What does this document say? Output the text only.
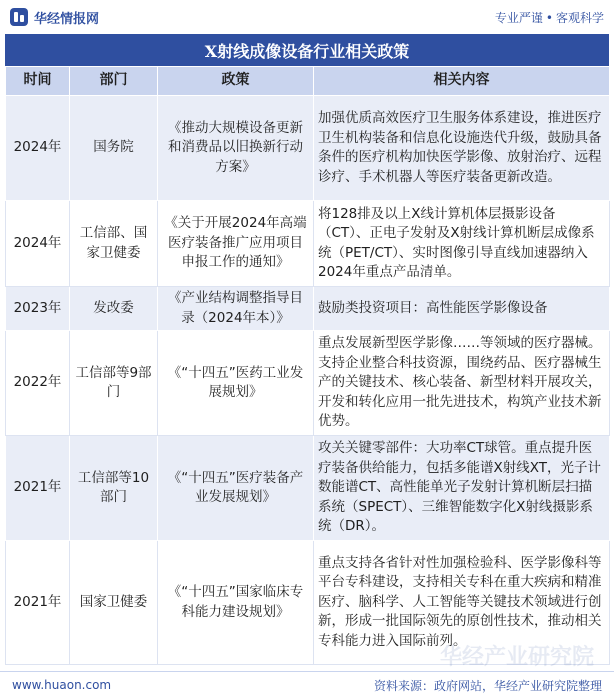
华经情报网	专业严谨 • 客观科学
X射线成像设备行业相关政策
时间	部门	政策	相关内容
2024年	国务院	《推动大规模设备更新和消费品以旧换新行动方案》	加强优质高效医疗卫生服务体系建设，推进医疗卫生机构装备和信息化设施迭代升级，鼓励具备条件的医疗机构加快医学影像、放射治疗、远程诊疗、手术机器人等医疗装备更新改造。
2024年	工信部、国家卫健委	《关于开展2024年高端医疗装备推广应用项目申报工作的通知》	将128排及以上X线计算机体层摄影设备（CT）、正电子发射及X射线计算机断层成像系统（PET/CT）、实时图像引导直线加速器纳入2024年重点产品清单。
2023年	发改委	《产业结构调整指导目录（2024年本）》	鼓励类投资项目：高性能医学影像设备
2022年	工信部等9部门	《“十四五”医药工业发展规划》	重点发展新型医学影像……等领域的医疗器械。支持企业整合科技资源，围绕药品、医疗器械生产的关键技术、核心装备、新型材料开展攻关，开发和转化应用一批先进技术，构筑产业技术新优势。
2021年	工信部等10部门	《“十四五”医疗装备产业发展规划》	攻关关键零部件：大功率CT球管。重点提升医疗装备供给能力，包括多能谱X射线XT，光子计数能谱CT、高性能单光子发射计算机断层扫描系统（SPECT）、三维智能数字化X射线摄影系统（DR）。
2021年	国家卫健委	《“十四五”国家临床专科能力建设规划》	重点支持各省针对性加强检验科、医学影像科等平台专科建设，支持相关专科在重大疾病和精准医疗、脑科学、人工智能等关键技术领域进行创新，形成一批国际领先的原创性技术，推动相关专科能力进入国际前列。
www.huaon.com	资料来源：政府网站，华经产业研究院整理
